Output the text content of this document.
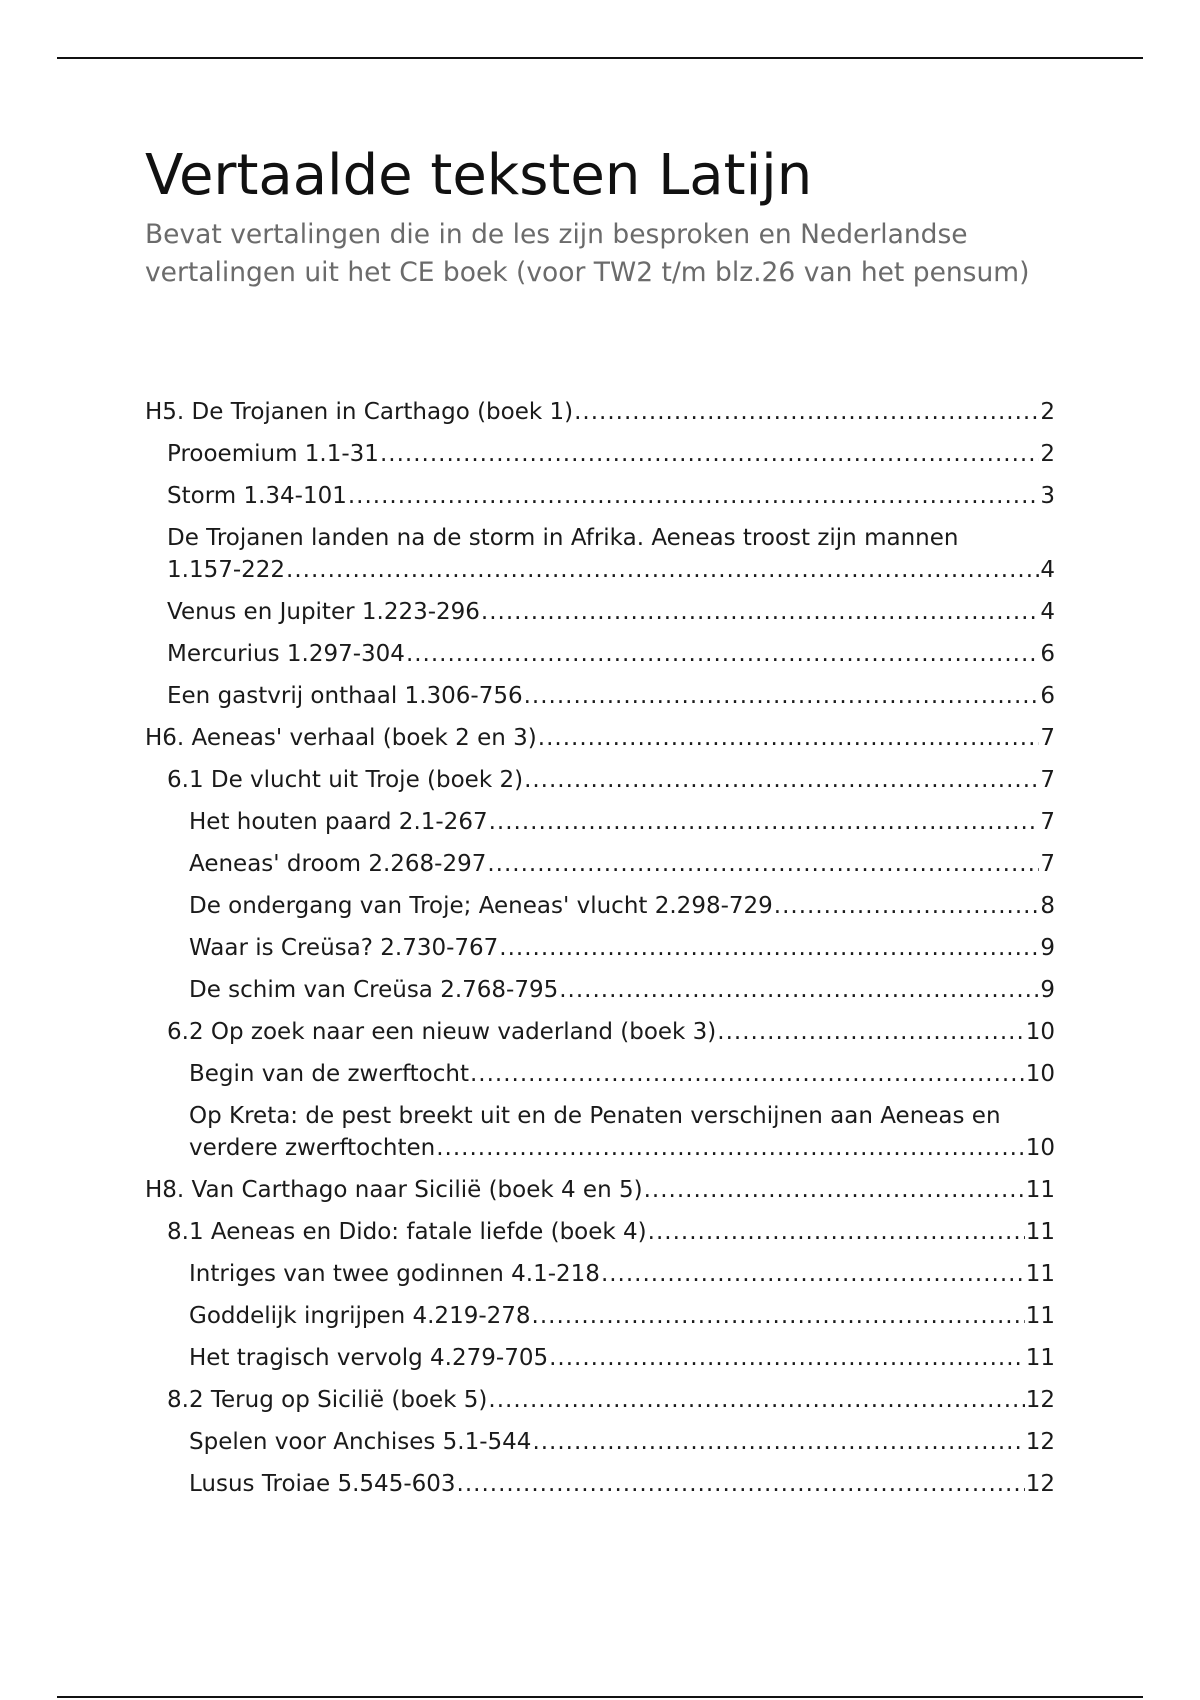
Vertaalde teksten Latijn

Bevat vertalingen die in de les zijn besproken en Nederlandse vertalingen uit het CE boek (voor TW2 t/m blz.26 van het pensum)

H5. De Trojanen in Carthago (boek 1) .....	2
Prooemium 1.1-31 .....	2
Storm 1.34-101 .....	3
De Trojanen landen na de storm in Afrika. Aeneas troost zijn mannen
1.157-222 .....	4
Venus en Jupiter 1.223-296 .....	4
Mercurius 1.297-304 .....	6
Een gastvrij onthaal 1.306-756 .....	6
H6. Aeneas' verhaal (boek 2 en 3) .....	7
6.1 De vlucht uit Troje (boek 2) .....	7
Het houten paard 2.1-267 .....	7
Aeneas' droom 2.268-297 .....	7
De ondergang van Troje; Aeneas' vlucht 2.298-729 .....	8
Waar is Creüsa? 2.730-767 .....	9
De schim van Creüsa 2.768-795 .....	9
6.2 Op zoek naar een nieuw vaderland (boek 3) .....	10
Begin van de zwerftocht .....	10
Op Kreta: de pest breekt uit en de Penaten verschijnen aan Aeneas en
verdere zwerftochten .....	10
H8. Van Carthago naar Sicilië (boek 4 en 5) .....	11
8.1 Aeneas en Dido: fatale liefde (boek 4) .....	11
Intriges van twee godinnen 4.1-218 .....	11
Goddelijk ingrijpen 4.219-278 .....	11
Het tragisch vervolg 4.279-705 .....	11
8.2 Terug op Sicilië (boek 5) .....	12
Spelen voor Anchises 5.1-544 .....	12
Lusus Troiae 5.545-603 .....	12
